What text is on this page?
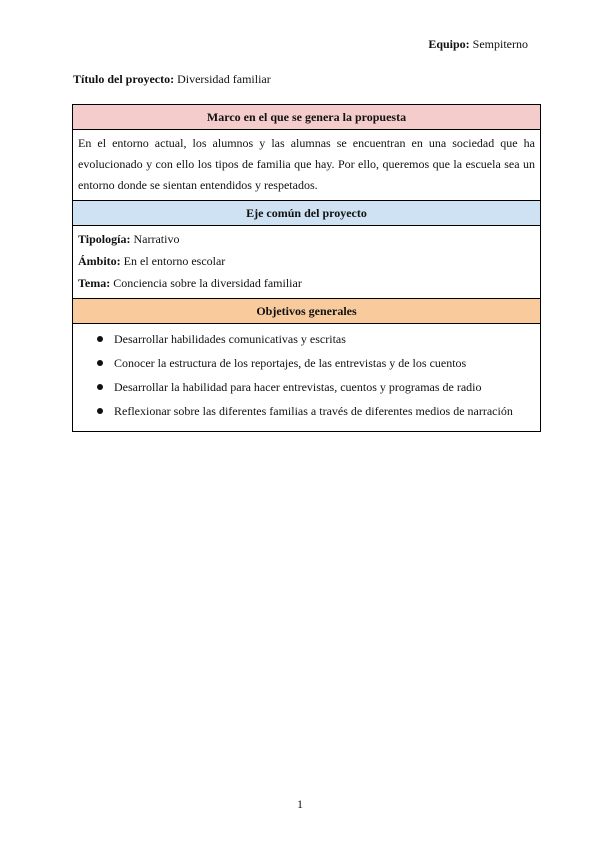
Equipo: Sempiterno
Título del proyecto: Diversidad familiar
Marco en el que se genera la propuesta
En el entorno actual, los alumnos y las alumnas se encuentran en una sociedad que ha evolucionado y con ello los tipos de familia que hay. Por ello, queremos que la escuela sea un entorno donde se sientan entendidos y respetados.
Eje común del proyecto
Tipología: Narrativo
Ámbito: En el entorno escolar
Tema: Conciencia sobre la diversidad familiar
Objetivos generales
Desarrollar habilidades comunicativas y escritas
Conocer la estructura de los reportajes, de las entrevistas y de los cuentos
Desarrollar la habilidad para hacer entrevistas, cuentos y programas de radio
Reflexionar sobre las diferentes familias a través de diferentes medios de narración
1
